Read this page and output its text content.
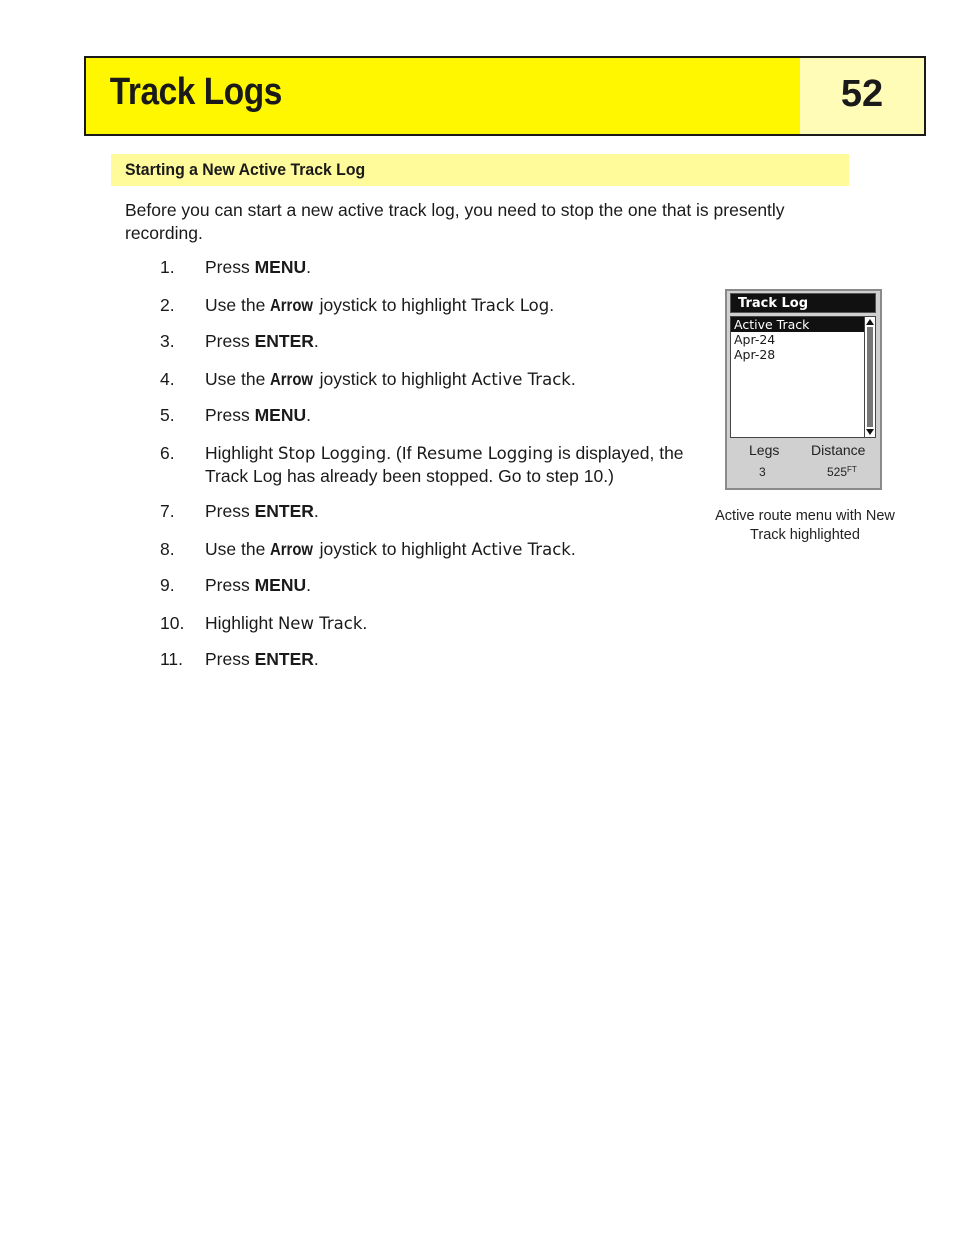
Track Logs	52
Starting a New Active Track Log
Before you can start a new active track log, you need to stop the one that is presently recording.
1. Press MENU.
2. Use the Arrow joystick to highlight Track Log.
3. Press ENTER.
4. Use the Arrow joystick to highlight Active Track.
5. Press MENU.
6. Highlight Stop Logging. (If Resume Logging is displayed, the Track Log has already been stopped. Go to step 10.)
7. Press ENTER.
8. Use the Arrow joystick to highlight Active Track.
9. Press MENU.
10. Highlight New Track.
11. Press ENTER.
Track Log
Active Track
Apr-24
Apr-28
Legs Distance
3	$525^{FT}$
Active route menu with New Track highlighted
